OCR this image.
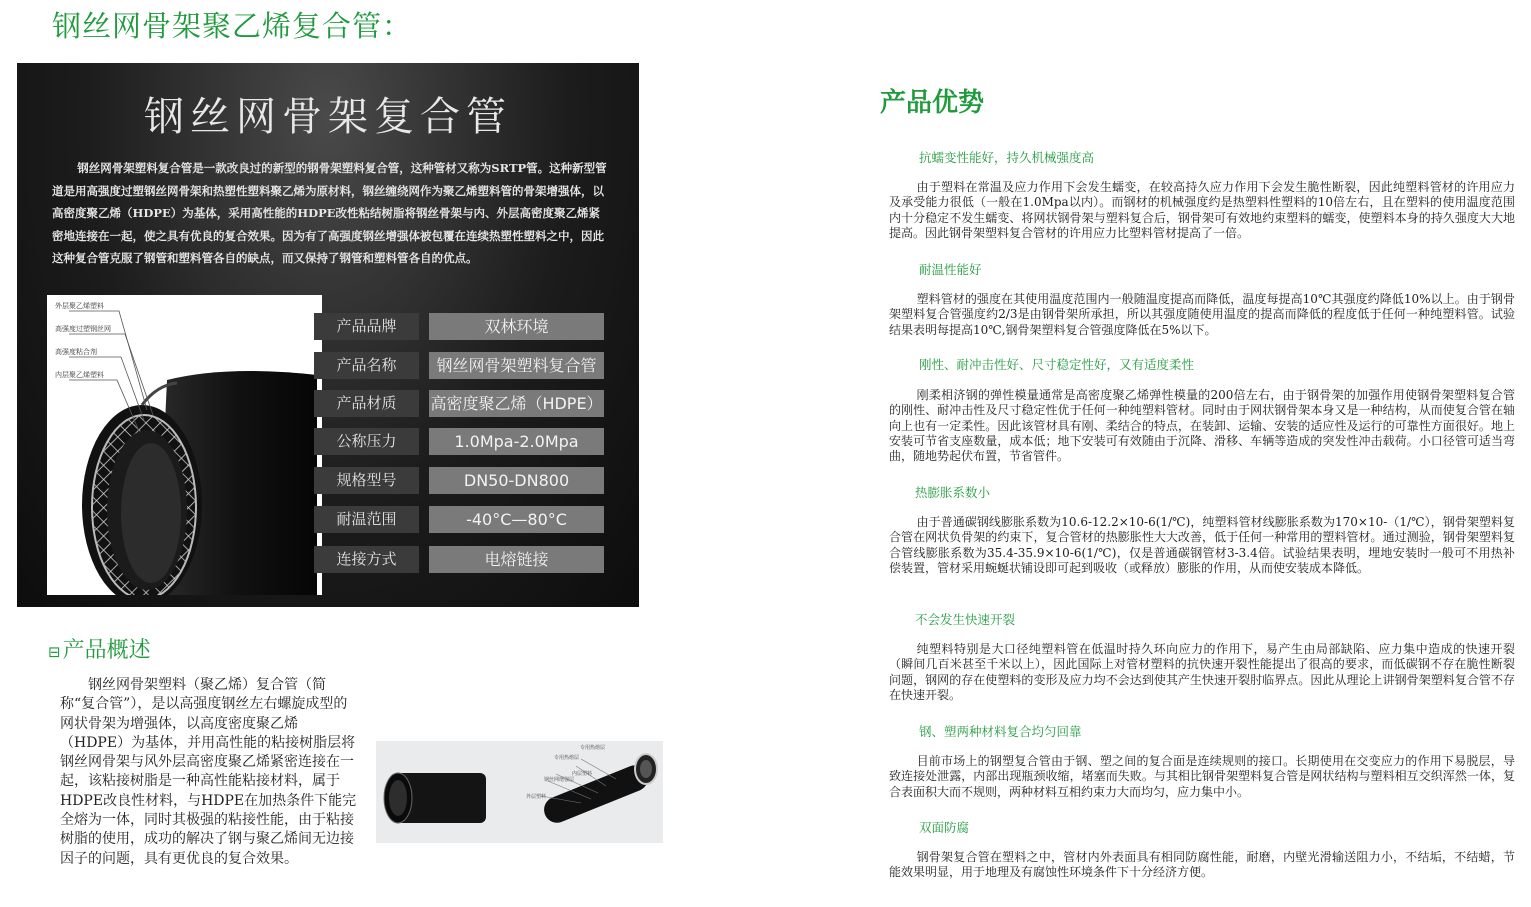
钢丝网骨架聚乙烯复合管：
钢丝网骨架复合管
钢丝网骨架塑料复合管是一款改良过的新型的钢骨架塑料复合管，这种管材又称为SRTP管。这种新型管道是用高强度过塑钢丝网骨架和热塑性塑料聚乙烯为原材料，钢丝缠绕网作为聚乙烯塑料管的骨架增强体，以高密度聚乙烯（HDPE）为基体，采用高性能的HDPE改性粘结树脂将钢丝骨架与内、外层高密度聚乙烯紧密地连接在一起，使之具有优良的复合效果。因为有了高强度钢丝增强体被包覆在连续热塑性塑料之中，因此这种复合管克服了钢管和塑料管各自的缺点，而又保持了钢管和塑料管各自的优点。
外层聚乙烯塑料
高强度过塑钢丝网
高强度粘合剂
内层聚乙烯塑料
产品品牌	双林环境
产品名称	钢丝网骨架塑料复合管
产品材质	高密度聚乙烯（HDPE）
公称压力	1.0Mpa-2.0Mpa
规格型号	DN50-DN800
耐温范围	-40°C—80°C
连接方式	电熔链接
⊟产品概述
钢丝网骨架塑料（聚乙烯）复合管（简称“复合管”），是以高强度钢丝左右螺旋成型的网状骨架为增强体，以高度密度聚乙烯（HDPE）为基体，并用高性能的粘接树脂层将钢丝网骨架与风外层高密度聚乙烯紧密连接在一起，该粘接树脂是一种高性能粘接材料，属于HDPE改良性材料，与HDPE在加热条件下能完全熔为一体，同时其极强的粘接性能，由于粘接树脂的使用，成功的解决了钢与聚乙烯间无边接因子的问题，具有更优良的复合效果。
内层塑料
专用热熔层
钢丝网增强层
专用热熔层
外层塑料
产品优势
抗蠕变性能好，持久机械强度高
由于塑料在常温及应力作用下会发生蠕变，在较高持久应力作用下会发生脆性断裂，因此纯塑料管材的许用应力及承受能力很低（一般在1.0Mpa以内）。而钢材的机械强度约是热塑料性塑料的10倍左右，且在塑料的使用温度范围内十分稳定不发生蠕变、将网状钢骨架与塑料复合后，钢骨架可有效地约束塑料的蠕变，使塑料本身的持久强度大大地提高。因此钢骨架塑料复合管材的许用应力比塑料管材提高了一倍。
耐温性能好
塑料管材的强度在其使用温度范围内一般随温度提高而降低，温度每提高10℃其强度约降低10%以上。由于钢骨架塑料复合管强度约2/3是由钢骨架所承担，所以其强度随使用温度的提高而降低的程度低于任何一种纯塑料管。试验结果表明每提高10℃,钢骨架塑料复合管强度降低在5%以下。
刚性、耐冲击性好、尺寸稳定性好，又有适度柔性
刚柔相济钢的弹性模量通常是高密度聚乙烯弹性模量的200倍左右，由于钢骨架的加强作用使钢骨架塑料复合管的刚性、耐冲击性及尺寸稳定性优于任何一种纯塑料管材。同时由于网状钢骨架本身又是一种结构，从而使复合管在轴向上也有一定柔性。因此该管材具有刚、柔结合的特点，在装卸、运输、安装的适应性及运行的可靠性方面很好。地上安装可节省支座数量，成本低；地下安装可有效随由于沉降、滑移、车辆等造成的突发性冲击载荷。小口径管可适当弯曲，随地势起伏布置，节省管件。
热膨胀系数小
由于普通碳钢线膨胀系数为10.6-12.2×10-6(1/℃)，纯塑料管材线膨胀系数为170×10-（1/℃），钢骨架塑料复合管在网状负骨架的约束下，复合管材的热膨胀性大大改善，低于任何一种常用的塑料管材。通过测验，钢骨架塑料复合管线膨胀系数为35.4-35.9×10-6(1/℃)，仅是普通碳钢管材3-3.4倍。试验结果表明，埋地安装时一般可不用热补偿装置，管材采用蜿蜒状铺设即可起到吸收（或释放）膨胀的作用，从而使安装成本降低。
不会发生快速开裂
纯塑料特别是大口径纯塑料管在低温时持久环向应力的作用下，易产生由局部缺陷、应力集中造成的快速开裂（瞬间几百米甚至千米以上），因此国际上对管材塑料的抗快速开裂性能提出了很高的要求，而低碳钢不存在脆性断裂问题，钢网的存在使塑料的变形及应力均不会达到使其产生快速开裂肘临界点。因此从理论上讲钢骨架塑料复合管不存在快速开裂。
钢、塑两种材料复合均匀回靠
目前市场上的钢塑复合管由于钢、塑之间的复合面是连续规则的接口。长期使用在交变应力的作用下易脱层，导致连接处泄露，内部出现瓶颈收缩，堵塞而失败。与其相比钢骨架塑料复合管是网状结构与塑料相互交织浑然一体，复合表面积大而不规则，两种材料互相约束力大而均匀，应力集中小。
双面防腐
钢骨架复合管在塑料之中，管材内外表面具有相同防腐性能，耐磨，内壁光滑输送阻力小，不结垢，不结蜡，节能效果明显，用于地理及有腐蚀性环境条件下十分经济方便。
